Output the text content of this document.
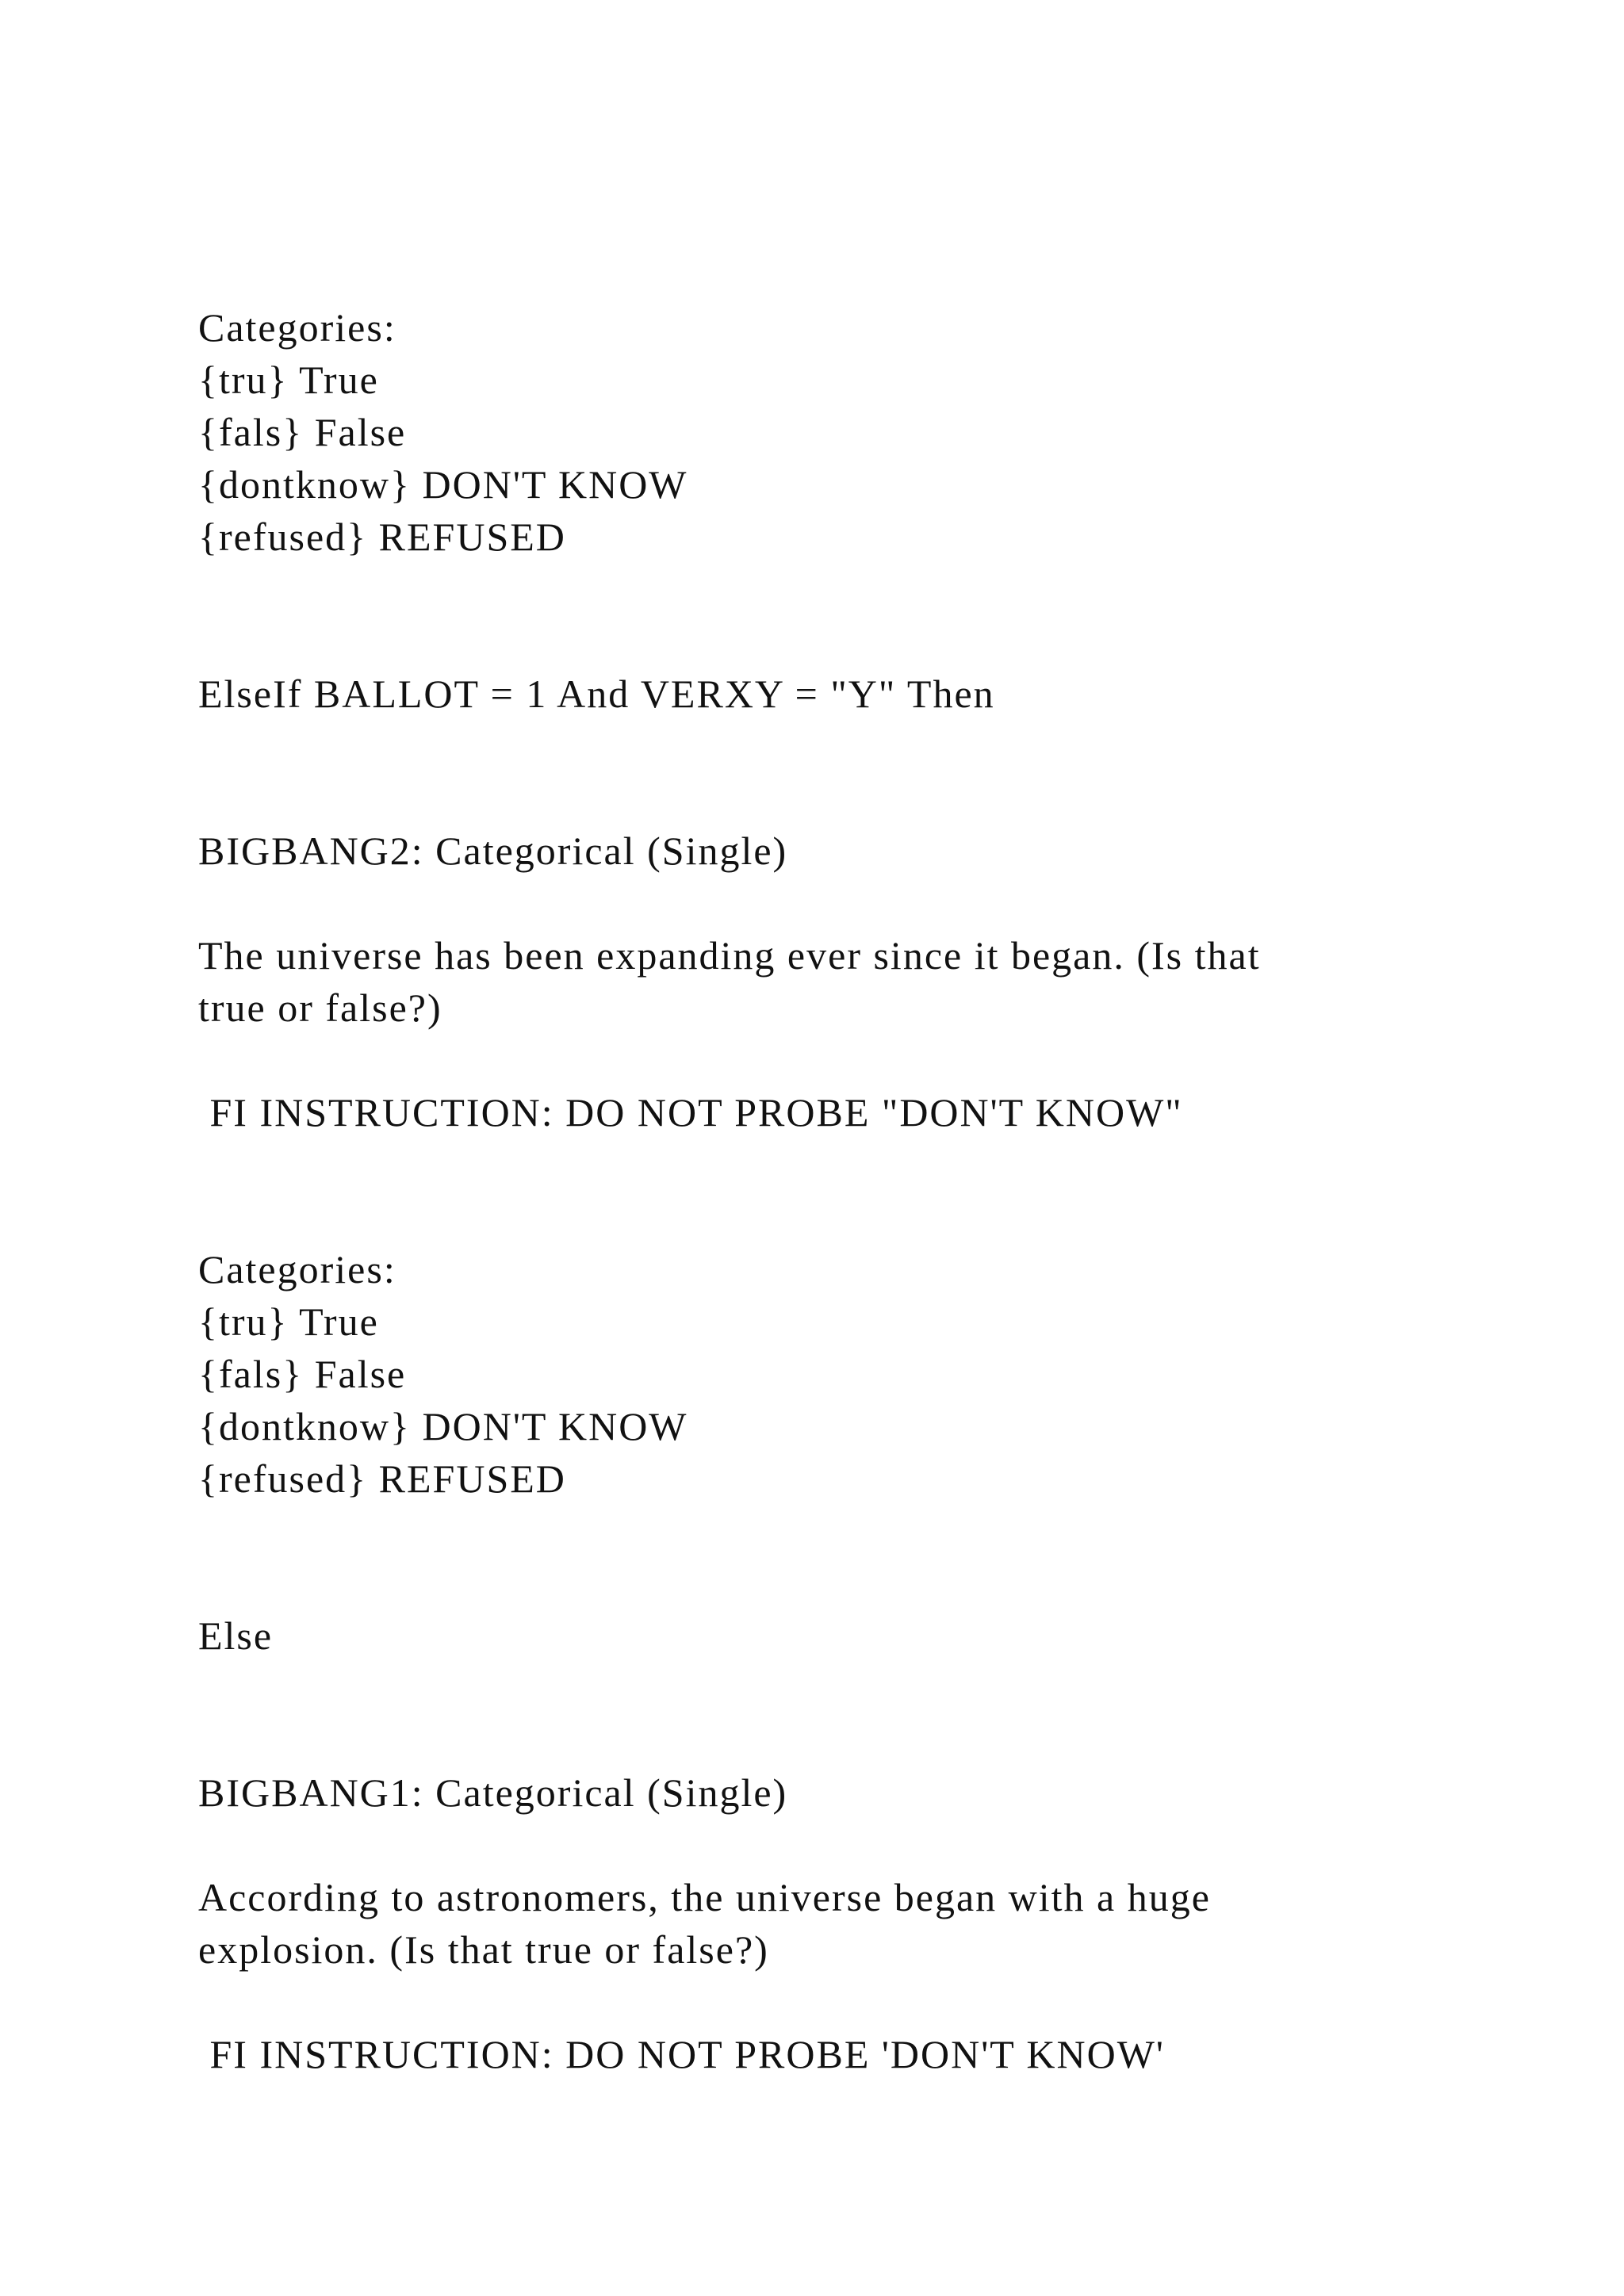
Categories:

{tru} True

{fals} False

{dontknow} DON'T KNOW

{refused} REFUSED

ElseIf BALLOT = 1 And VERXY = "Y" Then

BIGBANG2: Categorical (Single)

The universe has been expanding ever since it began. (Is that

true or false?)

FI INSTRUCTION: DO NOT PROBE "DON'T KNOW"

Categories:

{tru} True

{fals} False

{dontknow} DON'T KNOW

{refused} REFUSED

Else

BIGBANG1: Categorical (Single)

According to astronomers, the universe began with a huge

explosion. (Is that true or false?)

FI INSTRUCTION: DO NOT PROBE 'DON'T KNOW'
